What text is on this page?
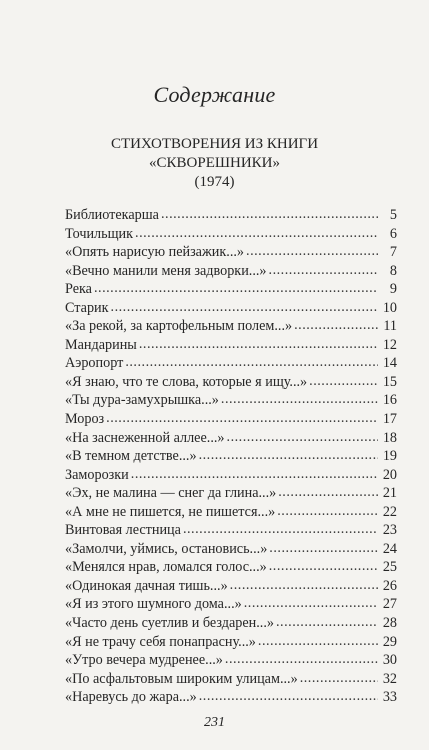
Содержание
СТИХОТВОРЕНИЯ ИЗ КНИГИ
«СКВОРЕШНИКИ»
(1974)
Библиотекарша .....	5
Точильщик .....	6
«Опять нарисую пейзажик...» .....	7
«Вечно манили меня задворки...» .....	8
Река .....	9
Старик .....	10
«За рекой, за картофельным полем...» .....	11
Мандарины .....	12
Аэропорт .....	14
«Я знаю, что те слова, которые я ищу...» .....	15
«Ты дура-замухрышка...» .....	16
Мороз .....	17
«На заснеженной аллее...» .....	18
«В темном детстве...» .....	19
Заморозки .....	20
«Эх, не малина — снег да глина...» .....	21
«А мне не пишется, не пишется...» .....	22
Винтовая лестница .....	23
«Замолчи, уймись, остановись...» .....	24
«Менялся нрав, ломался голос...» .....	25
«Одинокая дачная тишь...» .....	26
«Я из этого шумного дома...» .....	27
«Часто день суетлив и бездарен...» .....	28
«Я не трачу себя понапрасну...» .....	29
«Утро вечера мудренее...» .....	30
«По асфальтовым широким улицам...» .....	32
«Наревусь до жара...» .....	33
231
